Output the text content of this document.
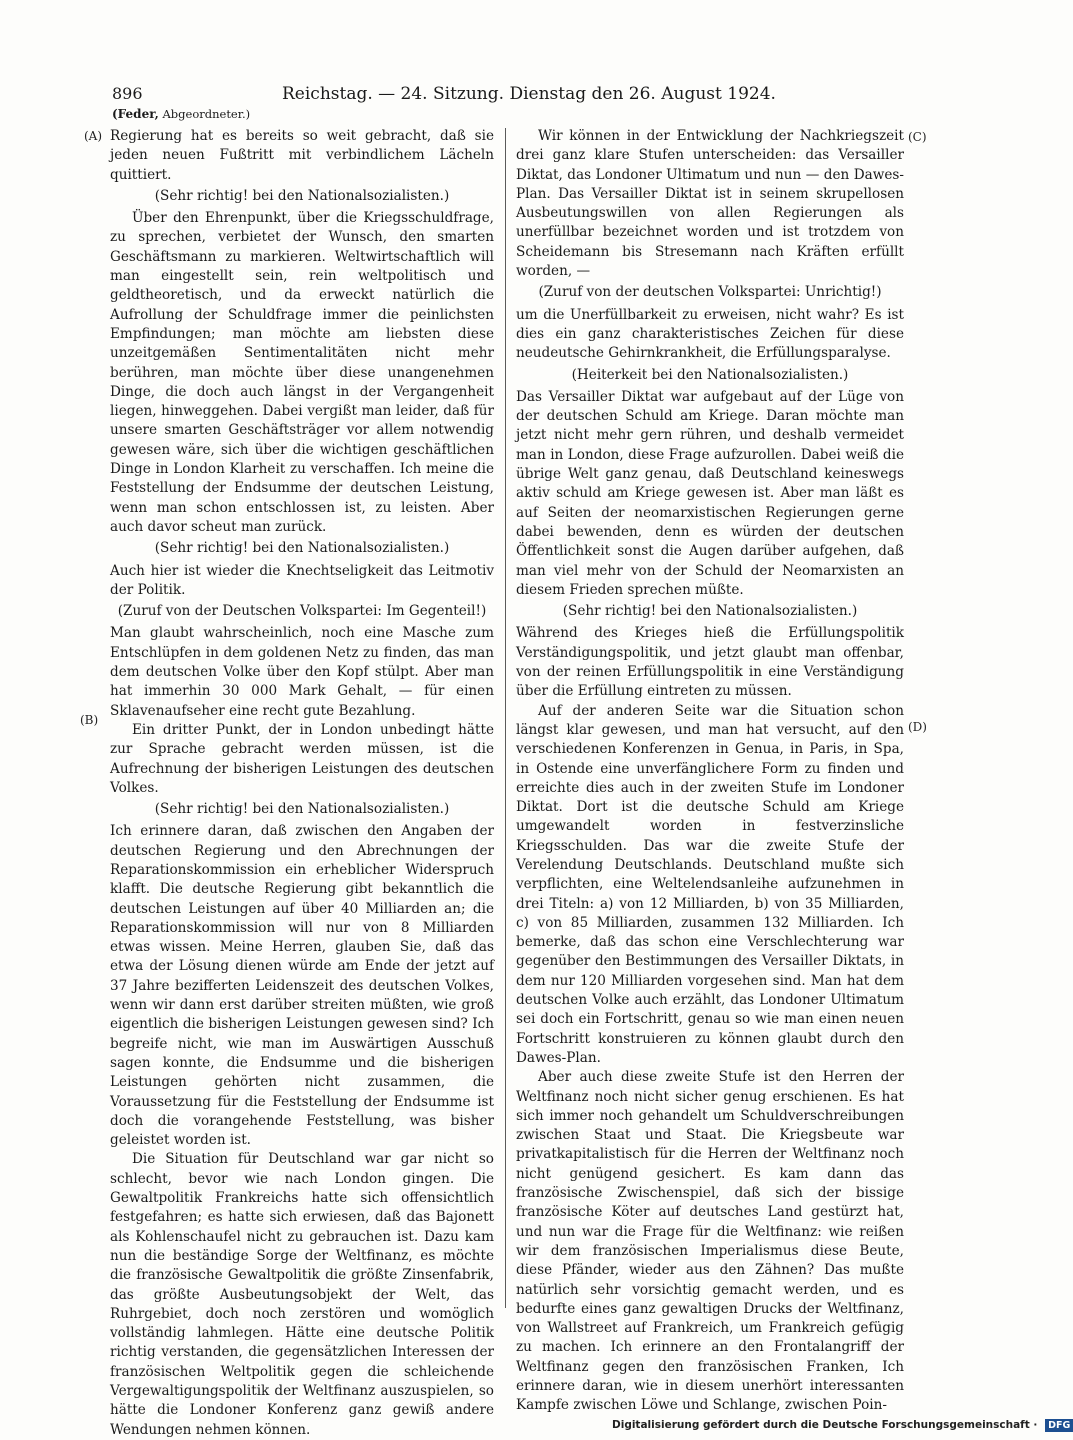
896	Reichstag. — 24. Sitzung. Dienstag den 26. August 1924.
(Feder, Abgeordneter.)
(A)
(B)
(C)
(D)

Regierung hat es bereits so weit gebracht, daß sie jeden neuen Fußtritt mit verbindlichem Lächeln quittiert.

(Sehr richtig! bei den Nationalsozialisten.)

Über den Ehrenpunkt, über die Kriegsschuldfrage, zu sprechen, verbietet der Wunsch, den smarten Geschäftsmann zu markieren. Weltwirtschaftlich will man eingestellt sein, rein weltpolitisch und geldtheoretisch, und da erweckt natürlich die Aufrollung der Schuldfrage immer die peinlichsten Empfindungen; man möchte am liebsten diese unzeitgemäßen Sentimentalitäten nicht mehr berühren, man möchte über diese unangenehmen Dinge, die doch auch längst in der Vergangenheit liegen, hinweggehen. Dabei vergißt man leider, daß für unsere smarten Geschäftsträger vor allem notwendig gewesen wäre, sich über die wichtigen geschäftlichen Dinge in London Klarheit zu verschaffen. Ich meine die Feststellung der Endsumme der deutschen Leistung, wenn man schon entschlossen ist, zu leisten. Aber auch davor scheut man zurück.

(Sehr richtig! bei den Nationalsozialisten.)

Auch hier ist wieder die Knechtseligkeit das Leitmotiv der Politik.

(Zuruf von der Deutschen Volkspartei: Im Gegenteil!)

Man glaubt wahrscheinlich, noch eine Masche zum Entschlüpfen in dem goldenen Netz zu finden, das man dem deutschen Volke über den Kopf stülpt. Aber man hat immerhin 30 000 Mark Gehalt, — für einen Sklavenaufseher eine recht gute Bezahlung.

Ein dritter Punkt, der in London unbedingt hätte zur Sprache gebracht werden müssen, ist die Aufrechnung der bisherigen Leistungen des deutschen Volkes.

(Sehr richtig! bei den Nationalsozialisten.)

Ich erinnere daran, daß zwischen den Angaben der deutschen Regierung und den Abrechnungen der Reparationskommission ein erheblicher Widerspruch klafft. Die deutsche Regierung gibt bekanntlich die deutschen Leistungen auf über 40 Milliarden an; die Reparationskommission will nur von 8 Milliarden etwas wissen. Meine Herren, glauben Sie, daß das etwa der Lösung dienen würde am Ende der jetzt auf 37 Jahre bezifferten Leidenszeit des deutschen Volkes, wenn wir dann erst darüber streiten müßten, wie groß eigentlich die bisherigen Leistungen gewesen sind? Ich begreife nicht, wie man im Auswärtigen Ausschuß sagen konnte, die Endsumme und die bisherigen Leistungen gehörten nicht zusammen, die Voraussetzung für die Feststellung der Endsumme ist doch die vorangehende Feststellung, was bisher geleistet worden ist.

Die Situation für Deutschland war gar nicht so schlecht, bevor wie nach London gingen. Die Gewaltpolitik Frankreichs hatte sich offensichtlich festgefahren; es hatte sich erwiesen, daß das Bajonett als Kohlenschaufel nicht zu gebrauchen ist. Dazu kam nun die beständige Sorge der Weltfinanz, es möchte die französische Gewaltpolitik die größte Zinsenfabrik, das größte Ausbeutungsobjekt der Welt, das Ruhrgebiet, doch noch zerstören und womöglich vollständig lahmlegen. Hätte eine deutsche Politik richtig verstanden, die gegensätzlichen Interessen der französischen Weltpolitik gegen die schleichende Vergewaltigungspolitik der Weltfinanz auszuspielen, so hätte die Londoner Konferenz ganz gewiß andere Wendungen nehmen können.

Wir können in der Entwicklung der Nachkriegszeit drei ganz klare Stufen unterscheiden: das Versailler Diktat, das Londoner Ultimatum und nun — den Dawes-Plan. Das Versailler Diktat ist in seinem skrupellosen Ausbeutungswillen von allen Regierungen als unerfüllbar bezeichnet worden und ist trotzdem von Scheidemann bis Stresemann nach Kräften erfüllt worden, —

(Zuruf von der deutschen Volkspartei: Unrichtig!)

um die Unerfüllbarkeit zu erweisen, nicht wahr? Es ist dies ein ganz charakteristisches Zeichen für diese neudeutsche Gehirnkrankheit, die Erfüllungsparalyse.

(Heiterkeit bei den Nationalsozialisten.)

Das Versailler Diktat war aufgebaut auf der Lüge von der deutschen Schuld am Kriege. Daran möchte man jetzt nicht mehr gern rühren, und deshalb vermeidet man in London, diese Frage aufzurollen. Dabei weiß die übrige Welt ganz genau, daß Deutschland keineswegs aktiv schuld am Kriege gewesen ist. Aber man läßt es auf Seiten der neomarxistischen Regierungen gerne dabei bewenden, denn es würden der deutschen Öffentlichkeit sonst die Augen darüber aufgehen, daß man viel mehr von der Schuld der Neomarxisten an diesem Frieden sprechen müßte.

(Sehr richtig! bei den Nationalsozialisten.)

Während des Krieges hieß die Erfüllungspolitik Verständigungspolitik, und jetzt glaubt man offenbar, von der reinen Erfüllungspolitik in eine Verständigung über die Erfüllung eintreten zu müssen.

Auf der anderen Seite war die Situation schon längst klar gewesen, und man hat versucht, auf den verschiedenen Konferenzen in Genua, in Paris, in Spa, in Ostende eine unverfänglichere Form zu finden und erreichte dies auch in der zweiten Stufe im Londoner Diktat. Dort ist die deutsche Schuld am Kriege umgewandelt worden in festverzinsliche Kriegsschulden. Das war die zweite Stufe der Verelendung Deutschlands. Deutschland mußte sich verpflichten, eine Weltelendsanleihe aufzunehmen in drei Titeln: a) von 12 Milliarden, b) von 35 Milliarden, c) von 85 Milliarden, zusammen 132 Milliarden. Ich bemerke, daß das schon eine Verschlechterung war gegenüber den Bestimmungen des Versailler Diktats, in dem nur 120 Milliarden vorgesehen sind. Man hat dem deutschen Volke auch erzählt, das Londoner Ultimatum sei doch ein Fortschritt, genau so wie man einen neuen Fortschritt konstruieren zu können glaubt durch den Dawes-Plan.

Aber auch diese zweite Stufe ist den Herren der Weltfinanz noch nicht sicher genug erschienen. Es hat sich immer noch gehandelt um Schuldverschreibungen zwischen Staat und Staat. Die Kriegsbeute war privatkapitalistisch für die Herren der Weltfinanz noch nicht genügend gesichert. Es kam dann das französische Zwischenspiel, daß sich der bissige französische Köter auf deutsches Land gestürzt hat, und nun war die Frage für die Weltfinanz: wie reißen wir dem französischen Imperialismus diese Beute, diese Pfänder, wieder aus den Zähnen? Das mußte natürlich sehr vorsichtig gemacht werden, und es bedurfte eines ganz gewaltigen Drucks der Weltfinanz, von Wallstreet auf Frankreich, um Frankreich gefügig zu machen. Ich erinnere an den Frontalangriff der Weltfinanz gegen den französischen Franken, Ich erinnere daran, wie in diesem unerhört interessanten Kampfe zwischen Löwe und Schlange, zwischen Poin-

Digitalisierung gefördert durch die Deutsche Forschungsgemeinschaft · DFG
